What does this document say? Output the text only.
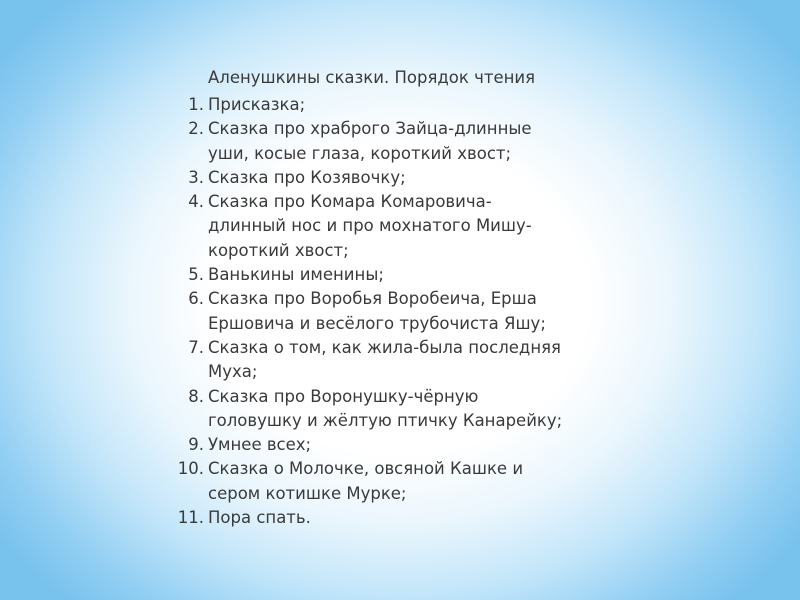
Аленушкины сказки. Порядок чтения
1. Присказка;
2. Сказка про храброго Зайца-длинные
уши, косые глаза, короткий хвост;
3. Сказка про Козявочку;
4. Сказка про Комара Комаровича-
длинный нос и про мохнатого Мишу-
короткий хвост;
5. Ванькины именины;
6. Сказка про Воробья Воробеича, Ерша
Ершовича и весёлого трубочиста Яшу;
7. Сказка о том, как жила-была последняя
Муха;
8. Сказка про Воронушку-чёрную
головушку и жёлтую птичку Канарейку;
9. Умнее всех;
10. Сказка о Молочке, овсяной Кашке и
сером котишке Мурке;
11. Пора спать.
